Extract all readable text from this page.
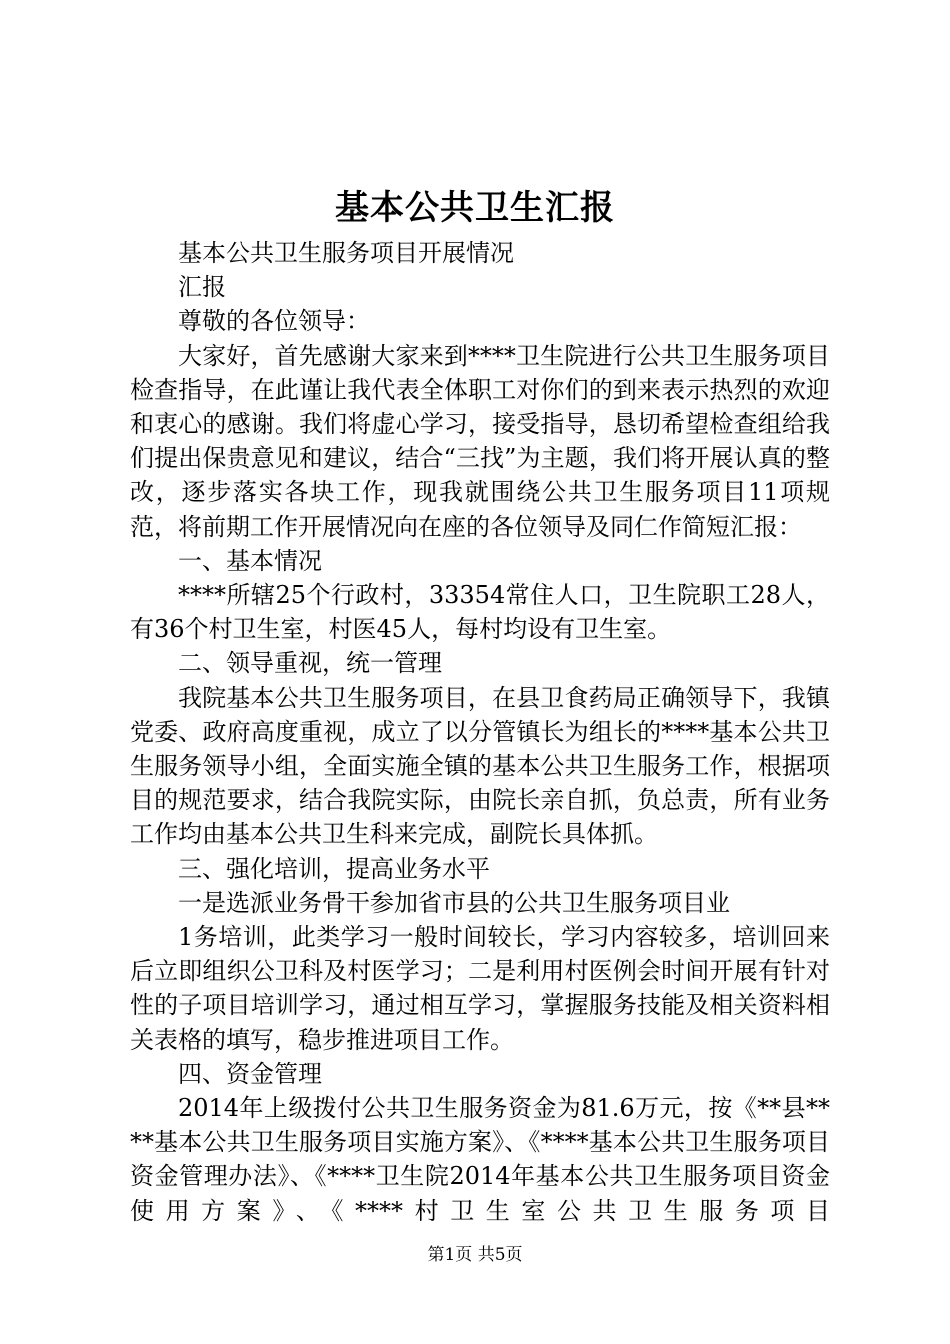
基本公共卫生汇报

基本公共卫生服务项目开展情况

汇报

尊敬的各位领导：

大家好，首先感谢大家来到****卫生院进行公共卫生服务项目检查指导，在此谨让我代表全体职工对你们的到来表示热烈的欢迎和衷心的感谢。我们将虚心学习，接受指导，恳切希望检查组给我们提出保贵意见和建议，结合“三找”为主题，我们将开展认真的整改，逐步落实各块工作，现我就围绕公共卫生服务项目11项规范，将前期工作开展情况向在座的各位领导及同仁作简短汇报：

一、基本情况

****所辖25个行政村，33354常住人口，卫生院职工28人，有36个村卫生室，村医45人，每村均设有卫生室。

二、领导重视，统一管理

我院基本公共卫生服务项目，在县卫食药局正确领导下，我镇党委、政府高度重视，成立了以分管镇长为组长的****基本公共卫生服务领导小组，全面实施全镇的基本公共卫生服务工作，根据项目的规范要求，结合我院实际，由院长亲自抓，负总责，所有业务工作均由基本公共卫生科来完成，副院长具体抓。

三、强化培训，提高业务水平

一是选派业务骨干参加省市县的公共卫生服务项目业

1务培训，此类学习一般时间较长，学习内容较多，培训回来后立即组织公卫科及村医学习；二是利用村医例会时间开展有针对性的子项目培训学习，通过相互学习，掌握服务技能及相关资料相关表格的填写，稳步推进项目工作。

四、资金管理

2014年上级拨付公共卫生服务资金为81.6万元，按《**县****基本公共卫生服务项目实施方案》、《****基本公共卫生服务项目资金管理办法》、《****卫生院2014年基本公共卫生服务项目资金使用方案》、《****村卫生室公共卫生服务项目

第1页 共5页
